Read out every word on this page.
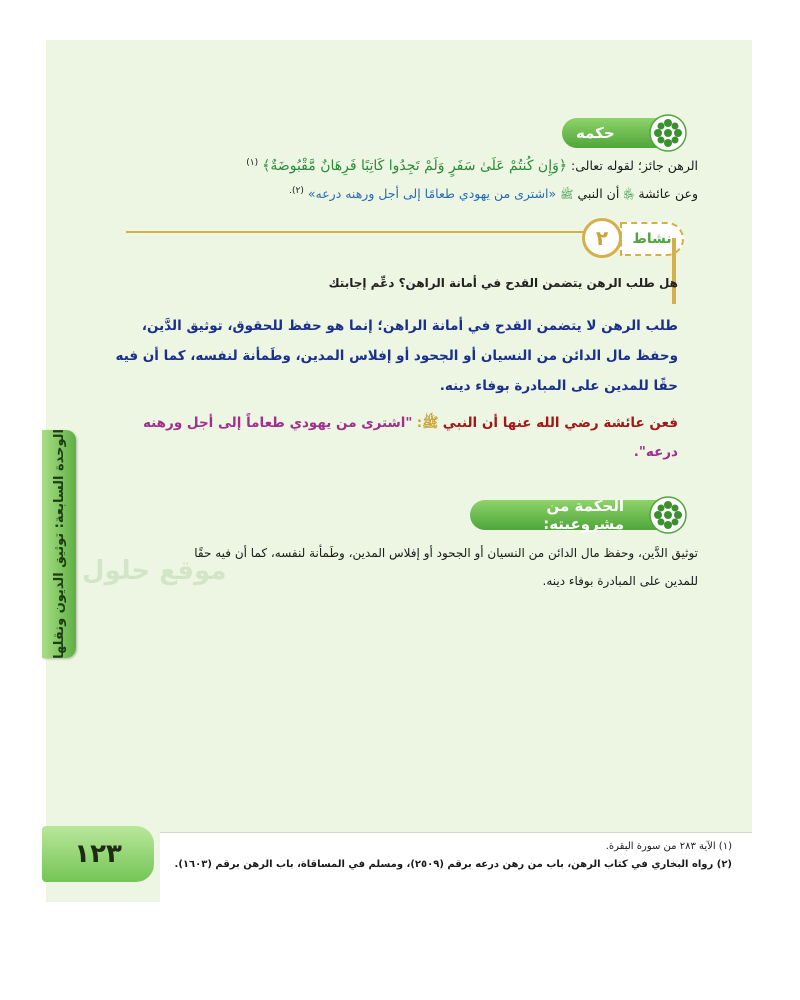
حكمه
الرهن جائز؛ لقوله تعالى: ﴿وَإِن كُنتُمْ عَلَىٰ سَفَرٍ وَلَمْ تَجِدُوا كَاتِبًا فَرِهَانٌ مَّقْبُوضَةٌ﴾ $^{(١)}$
وعن عائشة ﵂ أن النبي ﷺ «اشترى من يهودي طعامًا إلى أجل ورهنه درعه» $^{(٢).}$
نشاط
٢
هل طلب الرهن يتضمن القدح في أمانة الراهن؟ دعِّم إجابتك
طلب الرهن لا يتضمن القدح في أمانة الراهن؛ إنما هو حفظ للحقوق، توثيق الدَّين،
وحفظ مال الدائن من النسيان أو الجحود أو إفلاس المدين، وطَمأنة لنفسه، كما أن فيه
حقًا للمدين على المبادرة بوفاء دينه.
فعن عائشة رضي الله عنها أن النبي ﷺ: "اشترى من يهودي طعاماً إلى أجل ورهنه
درعه".
الحكمة من مشروعيته:
توثيق الدَّين، وحفظ مال الدائن من النسيان أو الجحود أو إفلاس المدين، وطَمأنة لنفسه، كما أن فيه حقًا
للمدين على المبادرة بوفاء دينه.
موقع حلول
الوحدة السابعة: توثيق الديون ونقلها
١٢٣	(١) الآية ٢٨٣ من سورة البقرة.
(٢) رواه البخاري في كتاب الرهن، باب من رهن درعه برقم (٢٥٠٩)، ومسلم في المساقاة، باب الرهن برقم (١٦٠٣).
